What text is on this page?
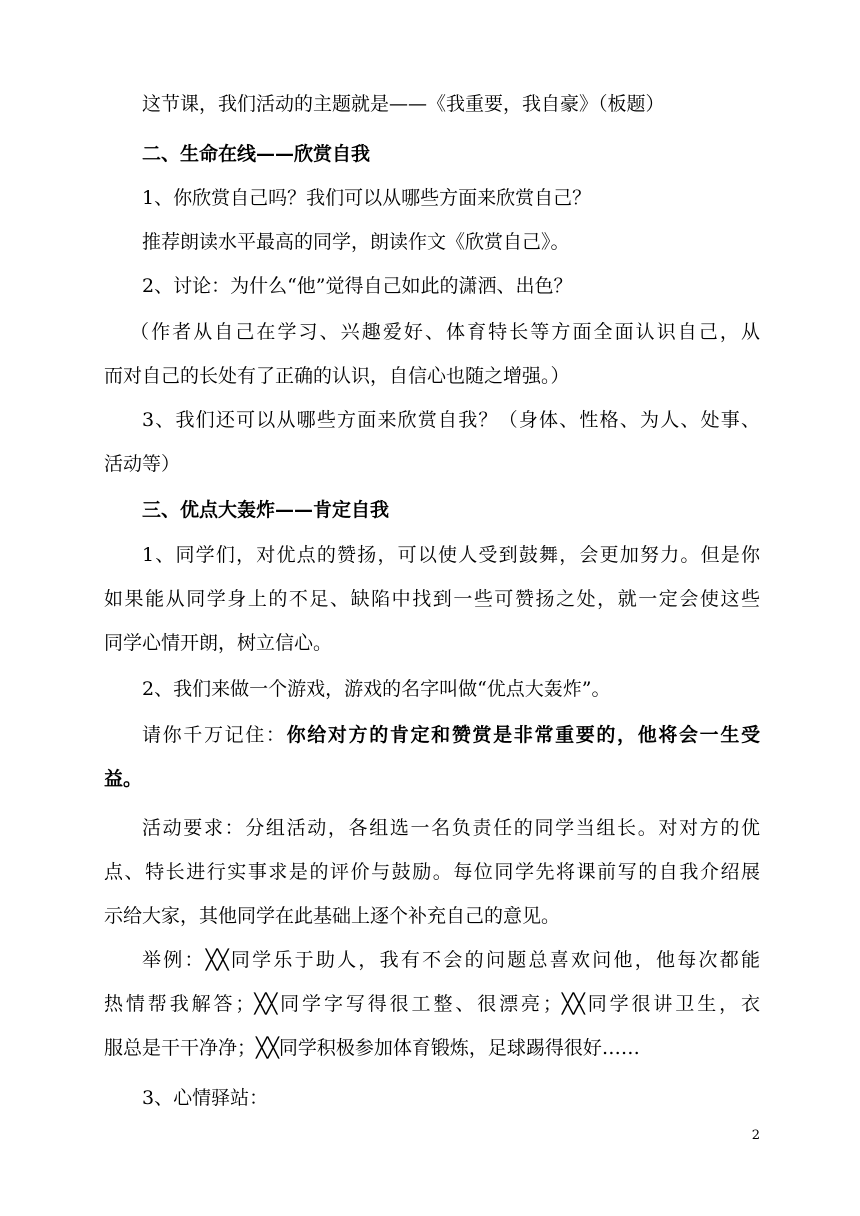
这节课，我们活动的主题就是——《我重要，我自豪》（板题）
二、生命在线——欣赏自我
1、你欣赏自己吗？我们可以从哪些方面来欣赏自己？
推荐朗读水平最高的同学，朗读作文《欣赏自己》。
2、讨论：为什么“他”觉得自己如此的潇洒、出色？
（作者从自己在学习、兴趣爱好、体育特长等方面全面认识自己，从
而对自己的长处有了正确的认识，自信心也随之增强。）
3、我们还可以从哪些方面来欣赏自我？（身体、性格、为人、处事、
活动等）
三、优点大轰炸——肯定自我
1、同学们，对优点的赞扬，可以使人受到鼓舞，会更加努力。但是你
如果能从同学身上的不足、缺陷中找到一些可赞扬之处，就一定会使这些
同学心情开朗，树立信心。
2、我们来做一个游戏，游戏的名字叫做“优点大轰炸”。
请你千万记住：你给对方的肯定和赞赏是非常重要的，他将会一生受
益。
活动要求：分组活动，各组选一名负责任的同学当组长。对对方的优
点、特长进行实事求是的评价与鼓励。每位同学先将课前写的自我介绍展
示给大家，其他同学在此基础上逐个补充自己的意见。
举例：╳╳同学乐于助人，我有不会的问题总喜欢问他，他每次都能
热情帮我解答；╳╳同学字写得很工整、很漂亮；╳╳同学很讲卫生，衣
服总是干干净净；╳╳同学积极参加体育锻炼，足球踢得很好……
3、心情驿站：
2
